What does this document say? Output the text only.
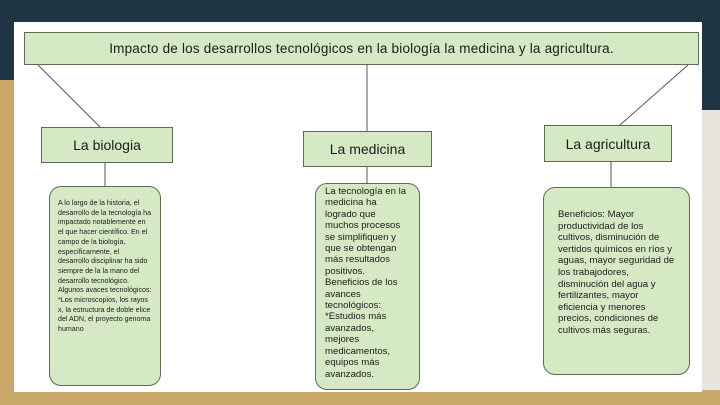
Impacto de los desarrollos tecnológicos en la biología la medicina y la agricultura.
La biologia	La medicina	La agricultura
A lo largo de la historia, el desarrollo de la tecnología ha impactado notablemente en el que hacer científico. En el campo de la biología, específicamente, el desarrollo disciplinar ha sido siempre de la la mano del desarrollo tecnológico. Algunos avaces tecnológicos: *Los microscopios, los rayos x, la estructura de doble elice del ADN, el proyecto genoma humano
La tecnología en la medicina ha logrado que muchos procesos se simplifiquen y que se obtengan más resultados positivos. Beneficios de los avances tecnológicos: *Estudios más avanzados, mejores medicamentos, equipos más avanzados.
Beneficios: Mayor productividad de los cultivos, disminución de vertidos químicos en ríos y aguas, mayor seguridad de los trabajodores, disminución del agua y fertilizantes, mayor eficiencia y menores precios, condiciones de cultivos más seguras.
